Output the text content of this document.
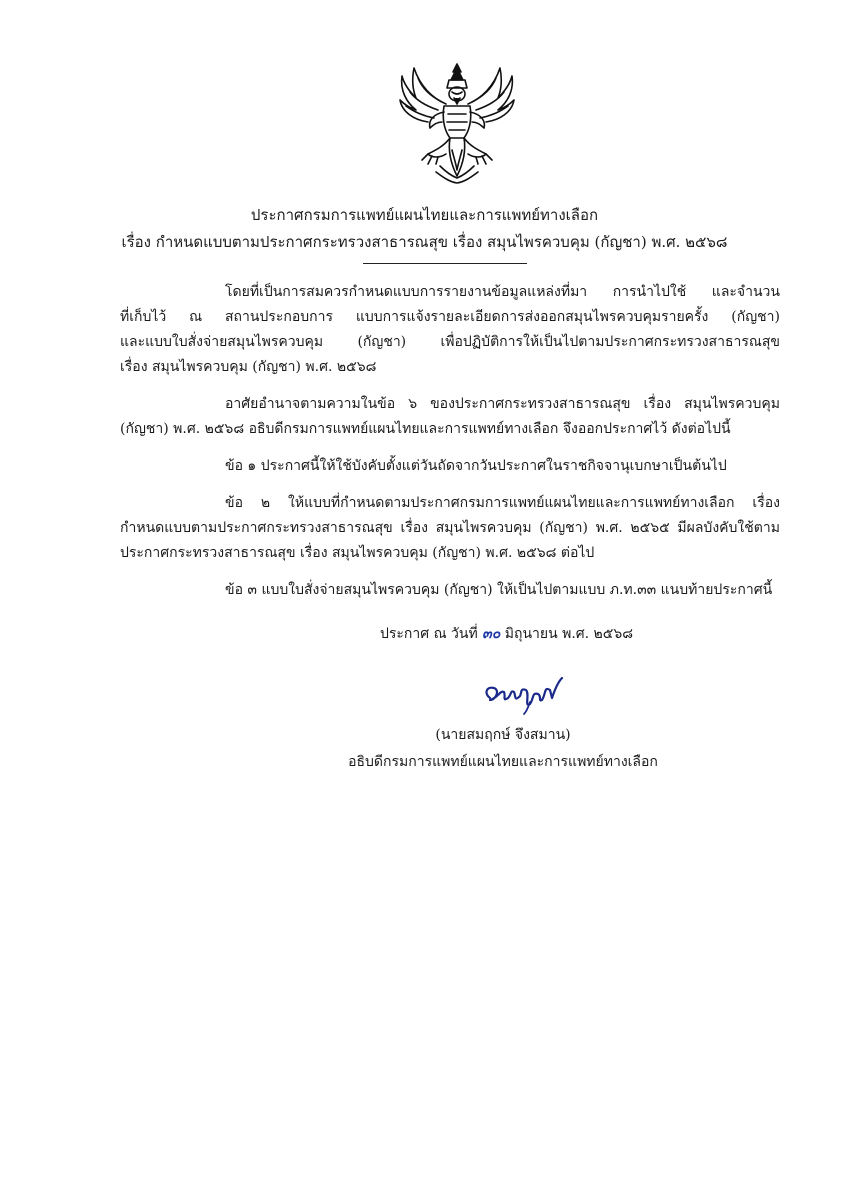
ประกาศกรมการแพทย์แผนไทยและการแพทย์ทางเลือก
เรื่อง กำหนดแบบตามประกาศกระทรวงสาธารณสุข เรื่อง สมุนไพรควบคุม (กัญชา) พ.ศ. ๒๕๖๘
โดยที่เป็นการสมควรกำหนดแบบการรายงานข้อมูลแหล่งที่มา การนำไปใช้ และจำนวน
ที่เก็บไว้ ณ สถานประกอบการ แบบการแจ้งรายละเอียดการส่งออกสมุนไพรควบคุมรายครั้ง (กัญชา)
และแบบใบสั่งจ่ายสมุนไพรควบคุม (กัญชา) เพื่อปฏิบัติการให้เป็นไปตามประกาศกระทรวงสาธารณสุข
เรื่อง สมุนไพรควบคุม (กัญชา) พ.ศ. ๒๕๖๘
อาศัยอำนาจตามความในข้อ ๖ ของประกาศกระทรวงสาธารณสุข เรื่อง สมุนไพรควบคุม
(กัญชา) พ.ศ. ๒๕๖๘ อธิบดีกรมการแพทย์แผนไทยและการแพทย์ทางเลือก จึงออกประกาศไว้ ดังต่อไปนี้
ข้อ ๑ ประกาศนี้ให้ใช้บังคับตั้งแต่วันถัดจากวันประกาศในราชกิจจานุเบกษาเป็นต้นไป
ข้อ ๒ ให้แบบที่กำหนดตามประกาศกรมการแพทย์แผนไทยและการแพทย์ทางเลือก เรื่อง
กำหนดแบบตามประกาศกระทรวงสาธารณสุข เรื่อง สมุนไพรควบคุม (กัญชา) พ.ศ. ๒๕๖๕ มีผลบังคับใช้ตาม
ประกาศกระทรวงสาธารณสุข เรื่อง สมุนไพรควบคุม (กัญชา) พ.ศ. ๒๕๖๘ ต่อไป
ข้อ ๓ แบบใบสั่งจ่ายสมุนไพรควบคุม (กัญชา) ให้เป็นไปตามแบบ ภ.ท.๓๓ แนบท้ายประกาศนี้
ประกาศ ณ วันที่ ๓๐ มิถุนายน พ.ศ. ๒๕๖๘
(นายสมฤกษ์ จึงสมาน)
อธิบดีกรมการแพทย์แผนไทยและการแพทย์ทางเลือก
